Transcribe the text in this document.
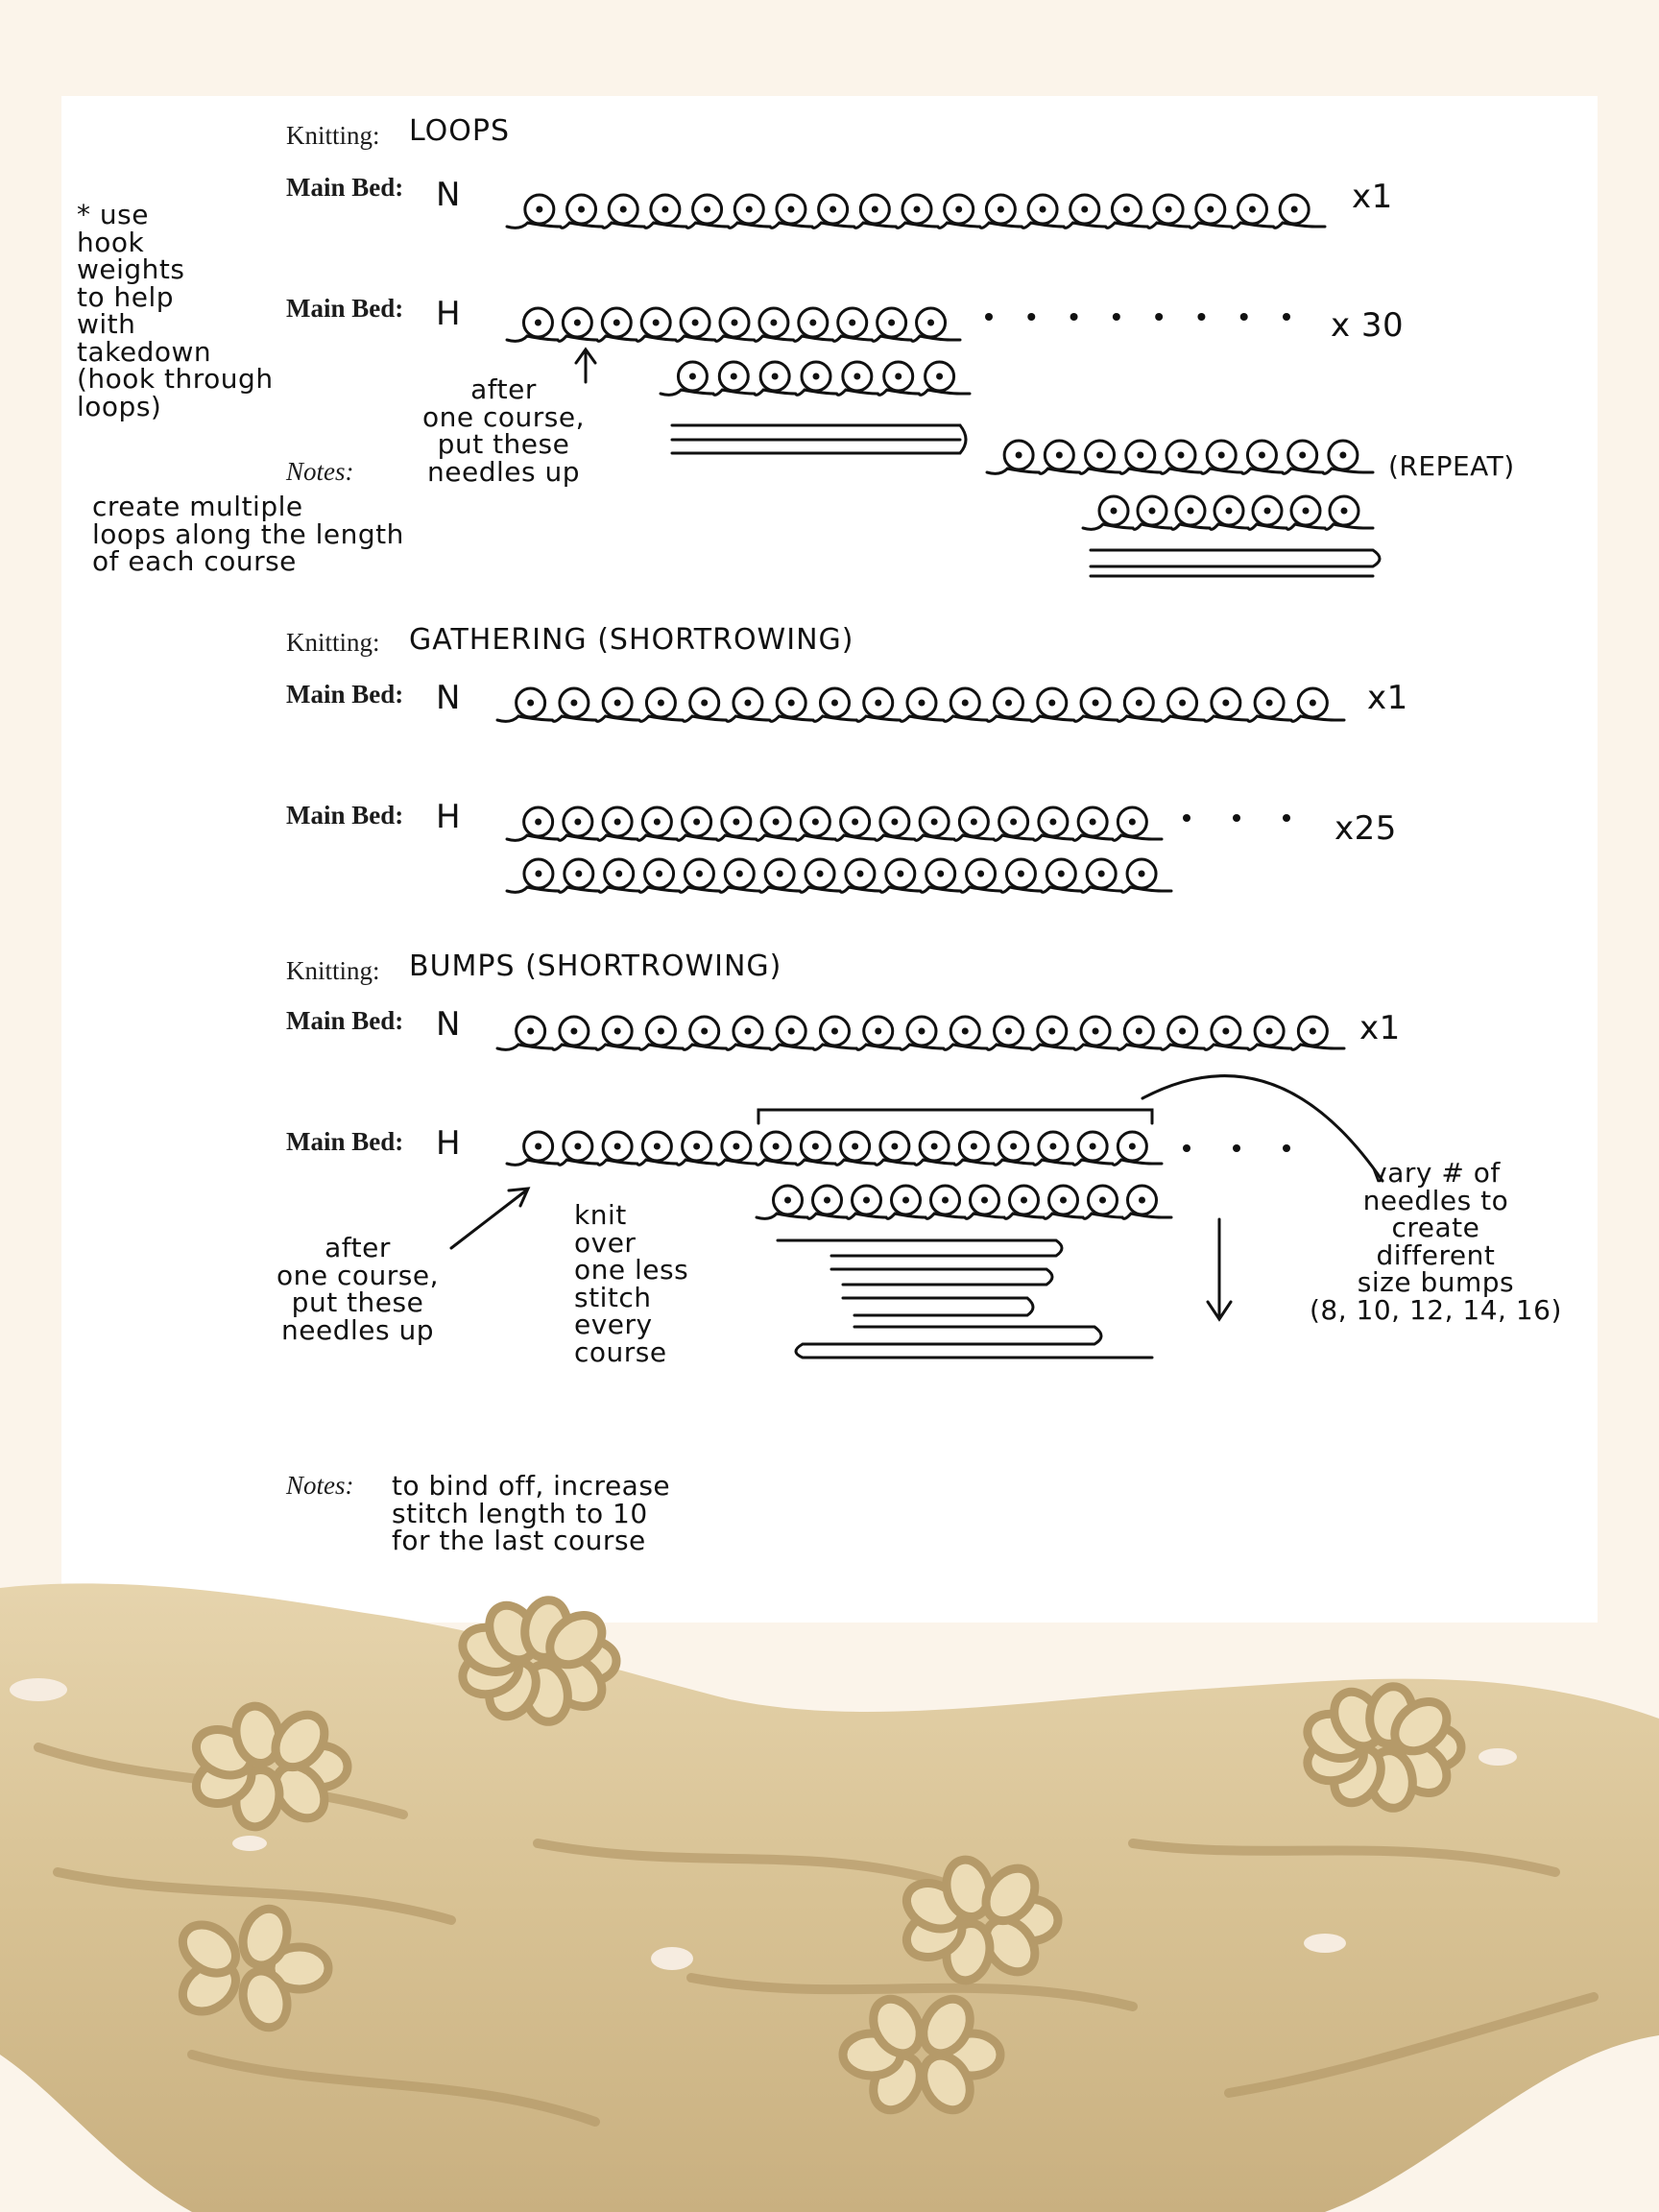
Knitting: LOOPS
Main Bed: N	x1
Main Bed: H	x 30
(REPEAT)
after
one course,
put these
needles up
* use
hook
weights
to help
with
takedown
(hook through
loops)
Notes:
create multiple
loops along the length
of each course
Knitting: GATHERING (SHORTROWING)
Main Bed: N	x1
Main Bed: H	x25
Knitting: BUMPS (SHORTROWING)
Main Bed: N	x1
Main Bed: H
after
one course,
put these
needles up
knit
over
one less
stitch
every
course
vary # of
needles to
create
different
size bumps
(8, 10, 12, 14, 16)
Notes: to bind off, increase
stitch length to 10
for the last course
